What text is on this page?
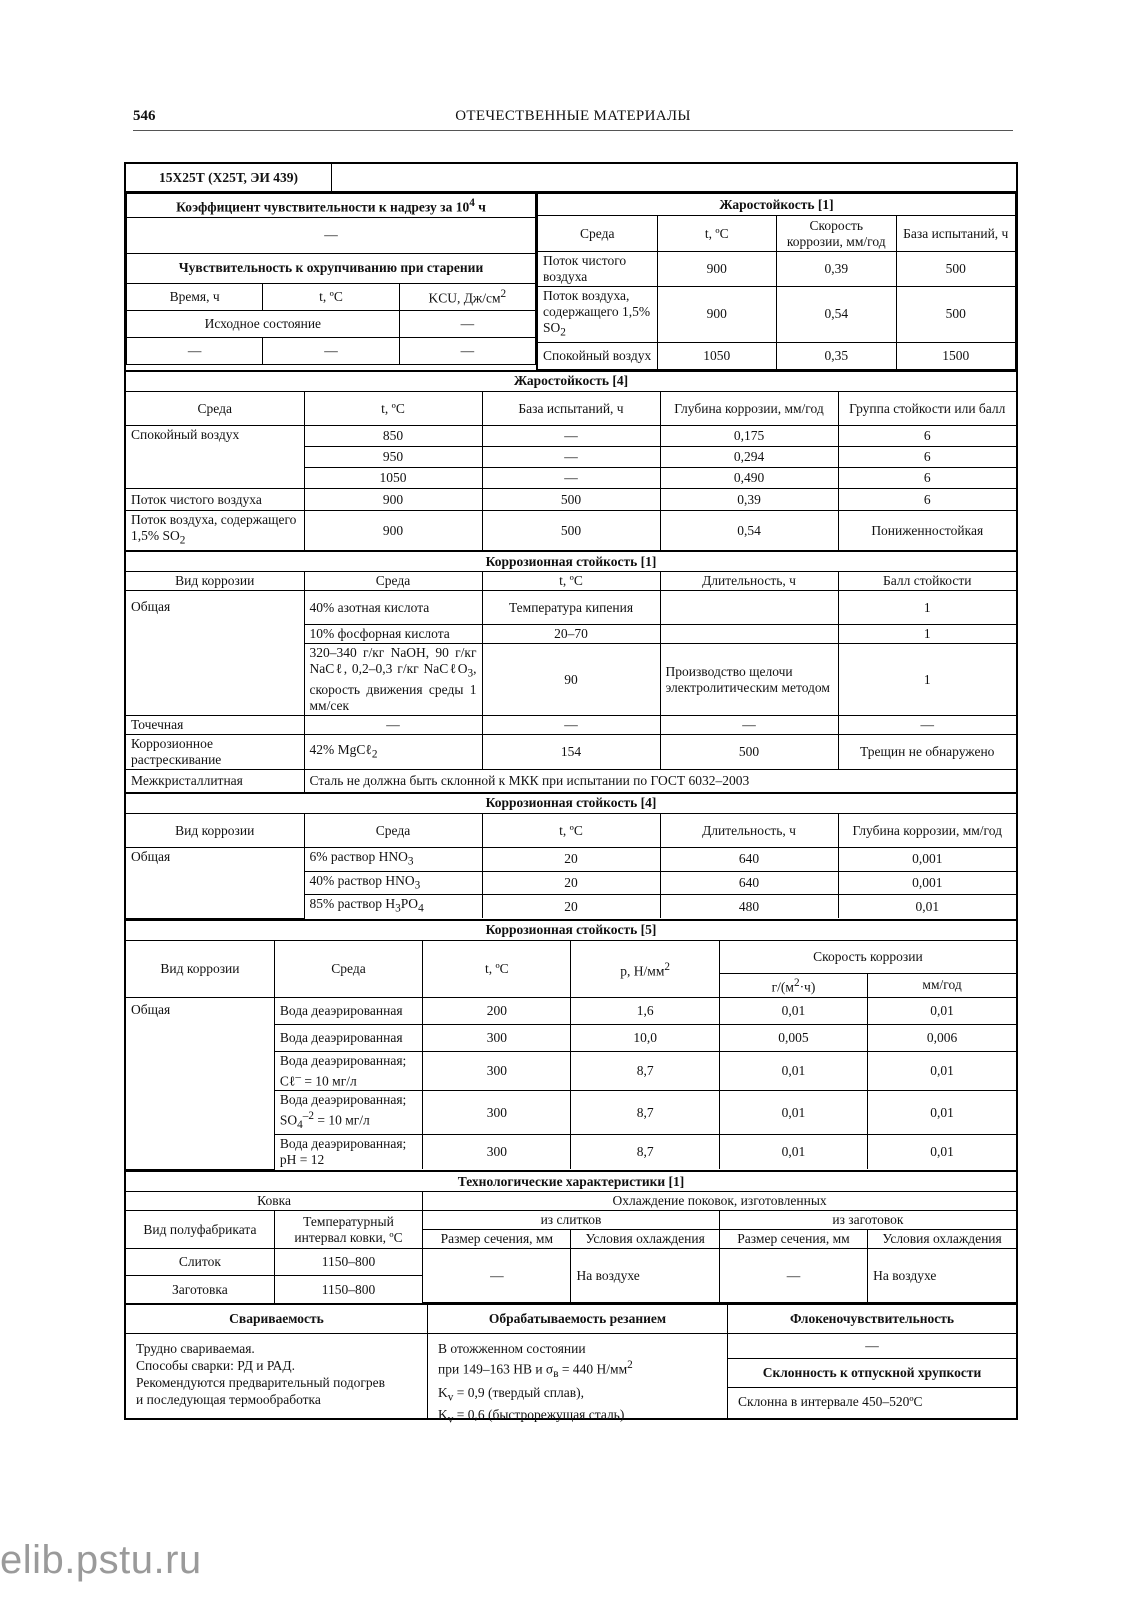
546	ОТЕЧЕСТВЕННЫЕ МАТЕРИАЛЫ
15Х25Т (Х25Т, ЭИ 439)	
Коэффициент чувствительности к надрезу за $10^4$ ч		
—		
Чувствительность к охрупчиванию при старении		
Время, ч	t, ºС	KCU, $Дж/см^2$
Исходное состояние		—
—	—	—
Жаростойкость [1]			
Среда	t, ºС	Скорость коррозии, мм/год	База испытаний, ч
Поток чистого воздуха	900	0,39	500
Поток воздуха, содержащего 1,5% $SO_2$	900	0,54	500
Спокойный воздух	1050	0,35	1500
Жаростойкость [4]				
Среда	t, ºС	База испытаний, ч	Глубина коррозии, мм/год	Группа стойкости или балл
Спокойный воздух	850	—	0,175	6
	950	—	0,294	6
	1050	—	0,490	6
Поток чистого воздуха	900	500	0,39	6
Поток воздуха, содержащего 1,5% $SO_2$	900	500	0,54	Пониженностойкая
Коррозионная стойкость [1]				
Вид коррозии	Среда	t, ºС	Длительность, ч	Балл стойкости
Общая	40% азотная кислота	Температура кипения		1
	10% фосфорная кислота	20–70		1
	320–340 г/кг NaOH, 90 г/кг NaCℓ, 0,2–0,3 г/кг NaCℓO$_3$, скорость движения среды 1 мм/сек	90	Производство щелочи электролитическим методом	1
Точечная	—	—	—	—
Коррозионное растрескивание	42% MgCℓ$_2$	154	500	Трещин не обнаружено
Межкристаллитная	Сталь не должна быть склонной к МКК при испытании по ГОСТ 6032–2003			
Коррозионная стойкость [4]				
Вид коррозии	Среда	t, ºС	Длительность, ч	Глубина коррозии, мм/год
Общая	6% раствор $HNO_3$	20	640	0,001
	40% раствор $HNO_3$	20	640	0,001
	85% раствор $H_3PO_4$	20	480	0,01
Коррозионная стойкость [5]					
Вид коррозии	Среда	t, ºС	р, $Н/мм^2$	Скорость коррозии	
				$г/(м^2\cdot ч)$	мм/год
Общая	Вода деаэрированная	200	1,6	0,01	0,01
	Вода деаэрированная	300	10,0	0,005	0,006
	Вода деаэрированная; Cℓ– = 10 мг/л	300	8,7	0,01	0,01
	Вода деаэрированная; $SO_4^{-2} = 10$ мг/л	300	8,7	0,01	0,01
	Вода деаэрированная; pH = 12	300	8,7	0,01	0,01
Технологические характеристики [1]					
Ковка		Охлаждение поковок, изготовленных			
Вид полуфабриката	Температурный интервал ковки, ºС	из слитков		из заготовок	
		Размер сечения, мм	Условия охлаждения	Размер сечения, мм	Условия охлаждения
Слиток	1150–800	—	На воздухе	—	На воздухе
Заготовка	1150–800				
Свариваемость
Трудно свариваемая.
Способы сварки: РД и РАД.
Рекомендуются предварительный подогрев
и последующая термообработка
Обрабатываемость резанием
В отожженном состоянии
при 149–163 НВ и $\sigma_в = 440$ $Н/мм^2$
$K_v = 0,9$ (твердый сплав),
$K_v = 0,6$ (быстрорежущая сталь)
Флокеночувствительность
—
Склонность к отпускной хрупкости
Склонна в интервале 450–520ºС
elib.pstu.ru
